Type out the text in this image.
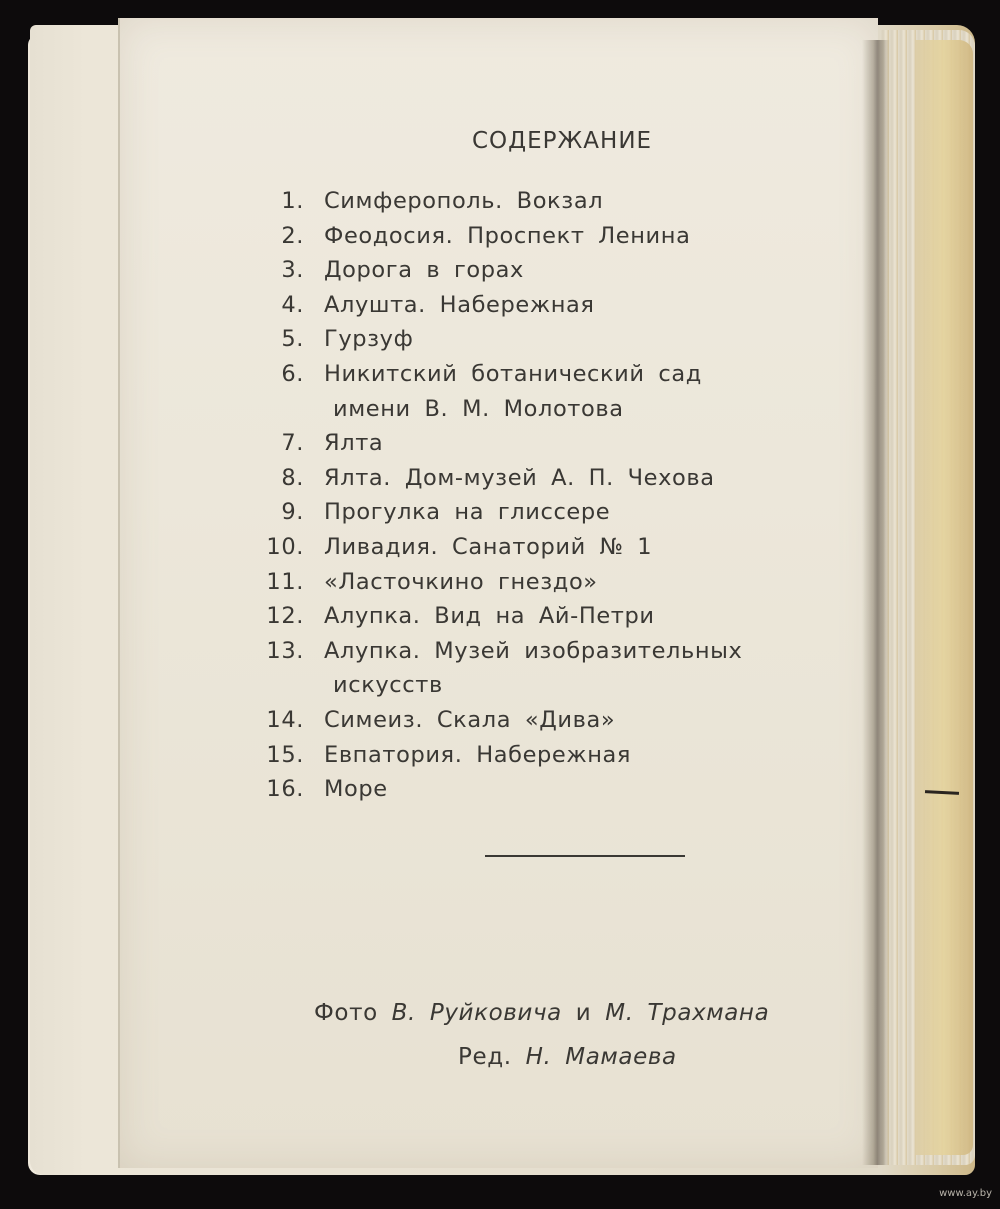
СОДЕРЖАНИЕ
1. Симферополь. Вокзал
2. Феодосия. Проспект Ленина
3. Дорога в горах
4. Алушта. Набережная
5. Гурзуф
6. Никитский ботанический сад
имени В. М. Молотова
7. Ялта
8. Ялта. Дом-музей А. П. Чехова
9. Прогулка на глиссере
10. Ливадия. Санаторий № 1
11. «Ласточкино гнездо»
12. Алупка. Вид на Ай-Петри
13. Алупка. Музей изобразительных
искусств
14. Симеиз. Скала «Дива»
15. Евпатория. Набережная
16. Море
Фото В. Руйковича и М. Трахмана
Ред. Н. Мамаева
www.ay.by
